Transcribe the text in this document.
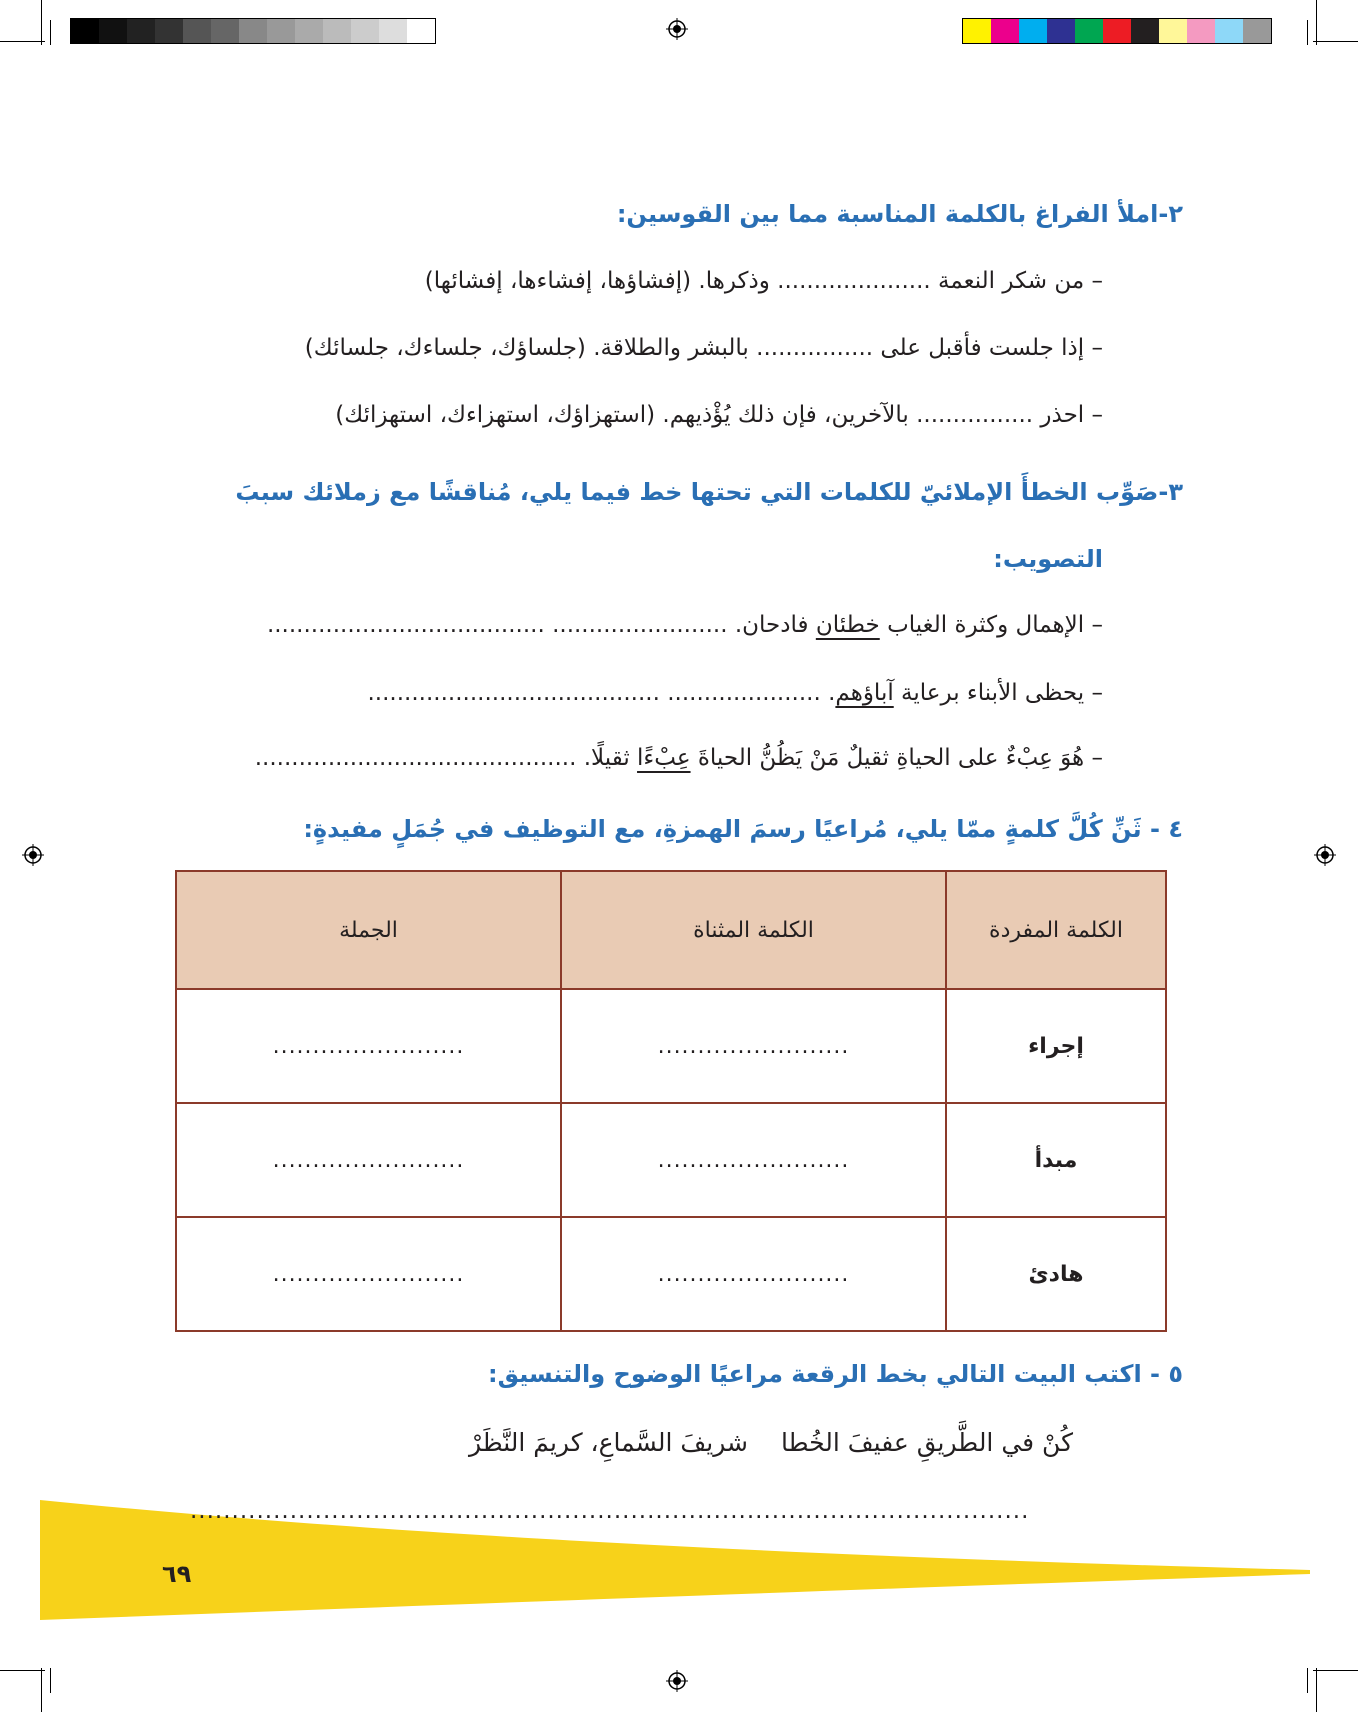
٢-املأ الفراغ بالكلمة المناسبة مما بين القوسين:
– من شكر النعمة ..................... وذكرها. (إفشاؤها، إفشاءها، إفشائها)
– إذا جلست فأقبل على ................ بالبشر والطلاقة. (جلساؤك، جلساءك، جلسائك)
– احذر ................ بالآخرين، فإن ذلك يُؤْذيهم. (استهزاؤك، استهزاءك، استهزائك)
٣-صَوِّب الخطأَ الإملائيّ للكلمات التي تحتها خط فيما يلي، مُناقشًا مع زملائك سببَ
التصويب:
– الإهمال وكثرة الغياب خطئان فادحان. ........................ ......................................
– يحظى الأبناء برعاية آباؤهم. ..................... ........................................
– هُوَ عِبْءٌ على الحياةِ ثقيلٌ مَنْ يَظُنُّ الحياةَ عِبْءًا ثقيلًا. ............................................
٤ - ثَنِّ كُلَّ كلمةٍ ممّا يلي، مُراعيًا رسمَ الهمزةِ، مع التوظيف في جُمَلٍ مفيدةٍ:
الكلمة المفردة	الكلمة المثناة	الجملة
إجراء	........................	........................
مبدأ	........................	........................
هادئ	........................	........................
٥ - اكتب البيت التالي بخط الرقعة مراعيًا الوضوح والتنسيق:
كُنْ في الطَّريقِ عفيفَ الخُطا
شريفَ السَّماعِ، كريمَ النَّظَرْ
.....................................................................................................
٦٩
